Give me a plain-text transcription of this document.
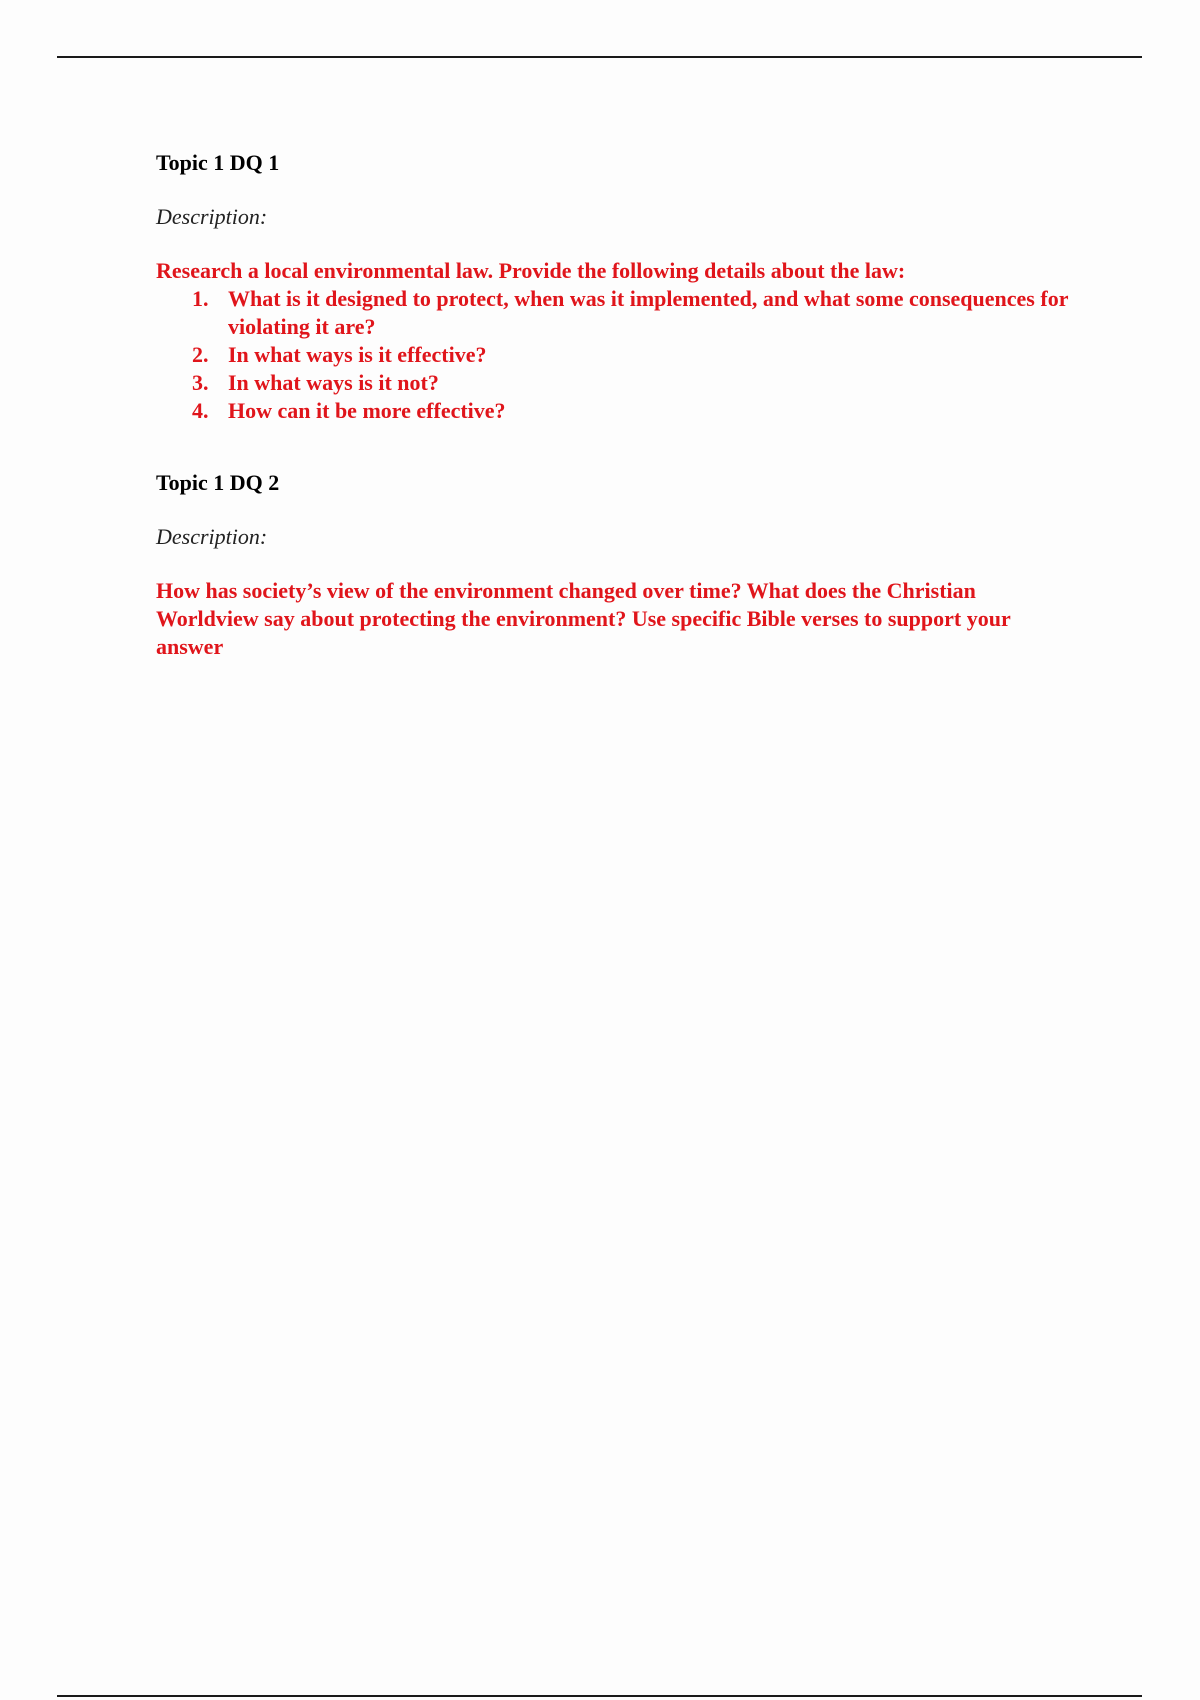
Topic 1 DQ 1

Description:

Research a local environmental law. Provide the following details about the law:

1. What is it designed to protect, when was it implemented, and what some consequences for violating it are?
2. In what ways is it effective?
3. In what ways is it not?
4. How can it be more effective?

Topic 1 DQ 2

Description:

How has society’s view of the environment changed over time? What does the Christian Worldview say about protecting the environment? Use specific Bible verses to support your answer
